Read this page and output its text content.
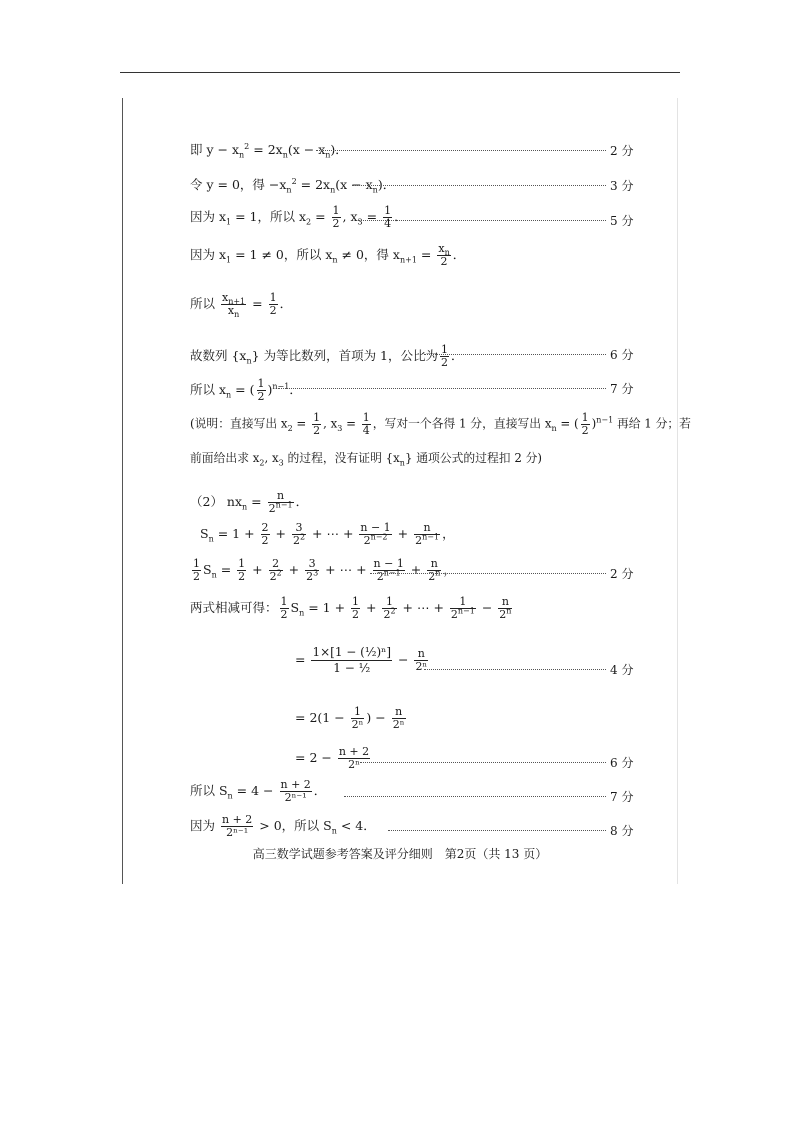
即 $y - x_n^2 = 2x_n(x - x_n)$．	2 分
令 y = 0，得 $-x_n^2 = 2x_n(x - x_n)$．	3 分
因为 $x_1 = 1$，所以 $x_2 = \frac{1}{2}$ , $x_3 = \frac{1}{4}$ ．	5 分
因为 $x_1 = 1 \ne 0$，所以 $x_n \ne 0$，得 $x_{n+1} = \frac{x_n}{2}$ ．
所以 $\frac{x_{n+1}}{x_n} = \frac{1}{2}$ ．
故数列 $\{x_n\}$ 为等比数列，首项为 1，公比为 $\frac{1}{2}$ ．	6 分
所以 $x_n$ = ( $\frac{1}{2} )^{n-1}$．	7 分
(说明：直接写出 $x_2 = \frac{1}{2}$ , $x_3 = \frac{1}{4}$ ，写对一个各得 1 分，直接写出 $x_n$ = ( $\frac{1}{2} )^{n-1}$ 再给 1 分；若
前面给出求 $x_2$, $x_3$ 的过程，没有证明 $\{x_n\}$ 通项公式的过程扣 2 分)
（2） $nx_n = \frac{n}{2^{n-1}}$ ．
$S_n = 1 + \frac{2}{2} + \frac{3}{2^2}$ + ⋯ + $\frac{n - 1}{2^{n-2}} + \frac{n}{2^{n-1}}$ ，
$\frac{1}{2} S_n = \frac{1}{2} + \frac{2}{2^2} + \frac{3}{2^3}$ + ⋯ + $\frac{n - 1}{2^{n-1}} + \frac{n}{2^n}$ ，	2 分
两式相减可得： $\frac{1}{2} S_n = 1 + \frac{1}{2} + \frac{1}{2^2}$ + ⋯ + $\frac{1}{2^{n-1}} - \frac{n}{2^n}$
= $\frac{\text{1×[1 − (½)ⁿ]}}{\text{1 − ½}} - \frac{n}{\text{2ⁿ}}$	4 分
= $2(1 - \frac{1}{\text{2ⁿ}}$ ) − $\frac{n}{\text{2ⁿ}}$
= $2 - \frac{n + 2}{\text{2ⁿ}}$	6 分
所以 $S_n = 4 - \frac{n + 2}{\text{2ⁿ⁻¹}}$ ．	7 分
因为 $\frac{n + 2}{\text{2ⁿ⁻¹}} > 0$，所以 $S_n < 4$．	8 分
高三数学试题参考答案及评分细则　第2页（共 13 页）
